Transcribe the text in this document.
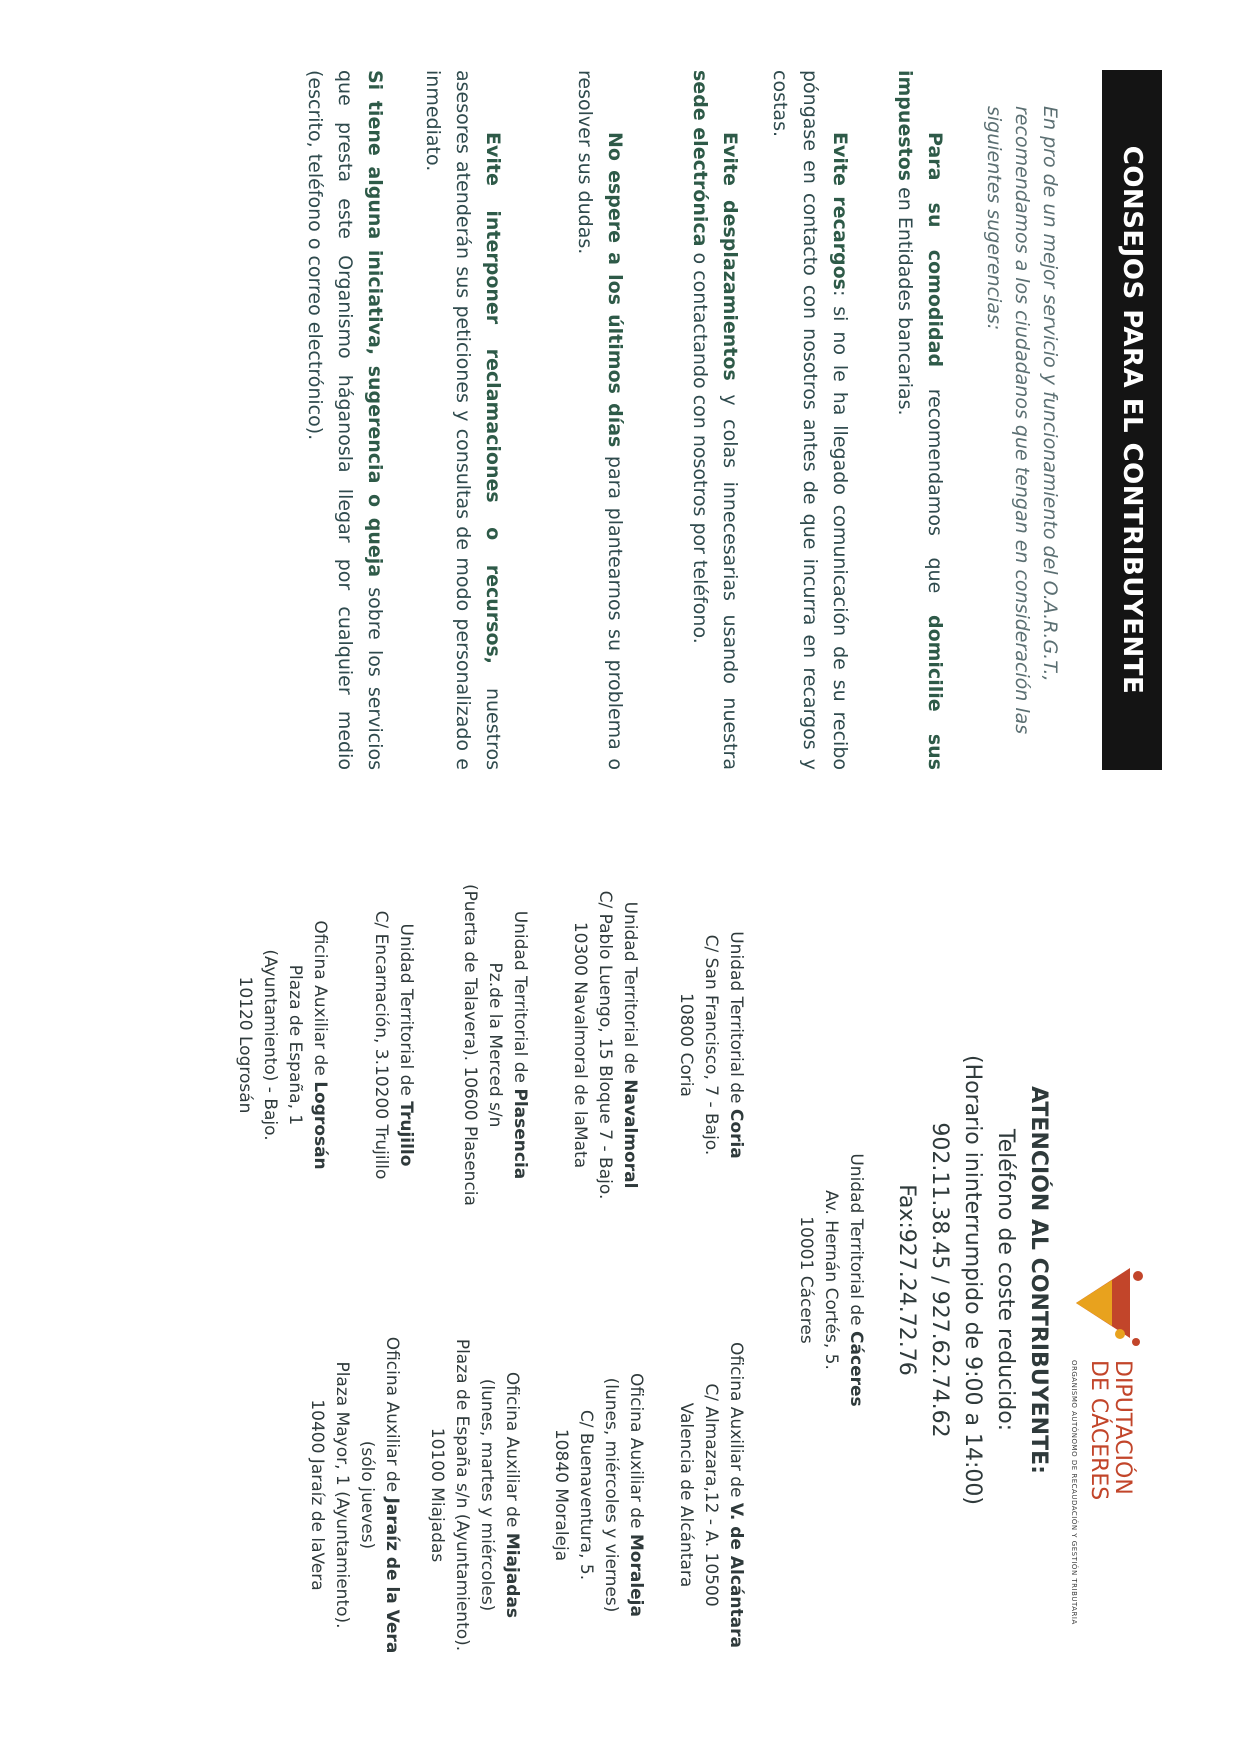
CONSEJOS PARA EL CONTRIBUYENTE

En pro de un mejor servicio y funcionamiento del O.A.R.G.T., recomendamos a los ciudadanos que tengan en consideración las siguientes sugerencias:

Para su comodidad recomendamos que domicilie sus impuestos en Entidades bancarias.

Evite recargos: si no le ha llegado comunicación de su recibo póngase en contacto con nosotros antes de que incurra en recargos y costas.

Evite desplazamientos y colas innecesarias usando nuestra sede electrónica o contactando con nosotros por teléfono.

No espere a los últimos días para plantearnos su problema o resolver sus dudas.

Evite interponer reclamaciones o recursos, nuestros asesores atenderán sus peticiones y consultas de modo personalizado e inmediato.

Si tiene alguna iniciativa, sugerencia o queja sobre los servicios que presta este Organismo háganosla llegar por cualquier medio (escrito, teléfono o correo electrónico).

DIPUTACIÓN
DE CÁCERES

ORGANISMO AUTÓNOMO DE RECAUDACIÓN Y GESTIÓN TRIBUTARIA

ATENCIÓN AL CONTRIBUYENTE:

Teléfono de coste reducido:

(Horario ininterrumpido de 9:00 a 14:00)

902.11.38.45 / 927.62.74.62

Fax:927.24.72.76

Unidad Territorial de Cáceres

Av. Hernán Cortés, 5.

10001 Cáceres

Unidad Territorial de Coria

C/ San Francisco, 7 - Bajo.

10800 Coria

Oficina Auxiliar de V. de Alcántara

C/ Almazara,12 - A. 10500

Valencia de Alcántara

Unidad Territorial de Navalmoral

C/ Pablo Luengo, 15 Bloque 7 - Bajo.

10300 Navalmoral de laMata

Oficina Auxiliar de Moraleja

(lunes, miércoles y viernes)

C/ Buenaventura, 5.

10840 Moraleja

Unidad Territorial de Plasencia

Pz.de la Merced s/n

(Puerta de Talavera). 10600 Plasencia

Oficina Auxiliar de Miajadas

(lunes, martes y miércoles)

Plaza de España s/n (Ayuntamiento).

10100 Miajadas

Unidad Territorial de Trujillo

C/ Encarnación, 3.10200 Trujillo

Oficina Auxiliar de Jaraíz de la Vera

(sólo jueves)

Plaza Mayor, 1 (Ayuntamiento).

10400 Jaraíz de laVera

Oficina Auxiliar de Logrosán

Plaza de España, 1

(Ayuntamiento) - Bajo.

10120 Logrosán
